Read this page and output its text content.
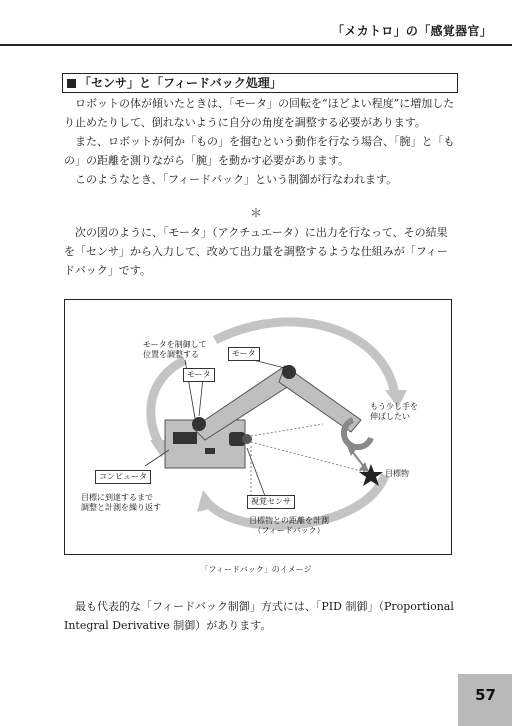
「メカトロ」の「感覚器官」
「センサ」と「フィードバック処理」

ロボットの体が傾いたときは、「モータ」の回転を“ほどよい程度”に増加したり止めたりして、倒れないように自分の角度を調整する必要があります。

また、ロボットが何か「もの」を掴むという動作を行なう場合、「腕」と「もの」の距離を測りながら「腕」を動かす必要があります。

このようなとき、「フィードバック」という制御が行なわれます。

＊

次の図のように、「モータ」（アクチュエータ）に出力を行なって、その結果を「センサ」から入力して、改めて出力量を調整するような仕組みが「フィードバック」です。

モータを制御して
位置を調整する	モータ
モータ
もう少し手を
伸ばしたい
コンピュータ	目標物
目標に到達するまで
調整と計測を繰り返す
視覚センサ
目標物との距離を計測
（フィードバック）
「フィードバック」のイメージ

最も代表的な「フィードバック制御」方式には、「PID 制御」（Proportional Integral Derivative 制御）があります。

57
